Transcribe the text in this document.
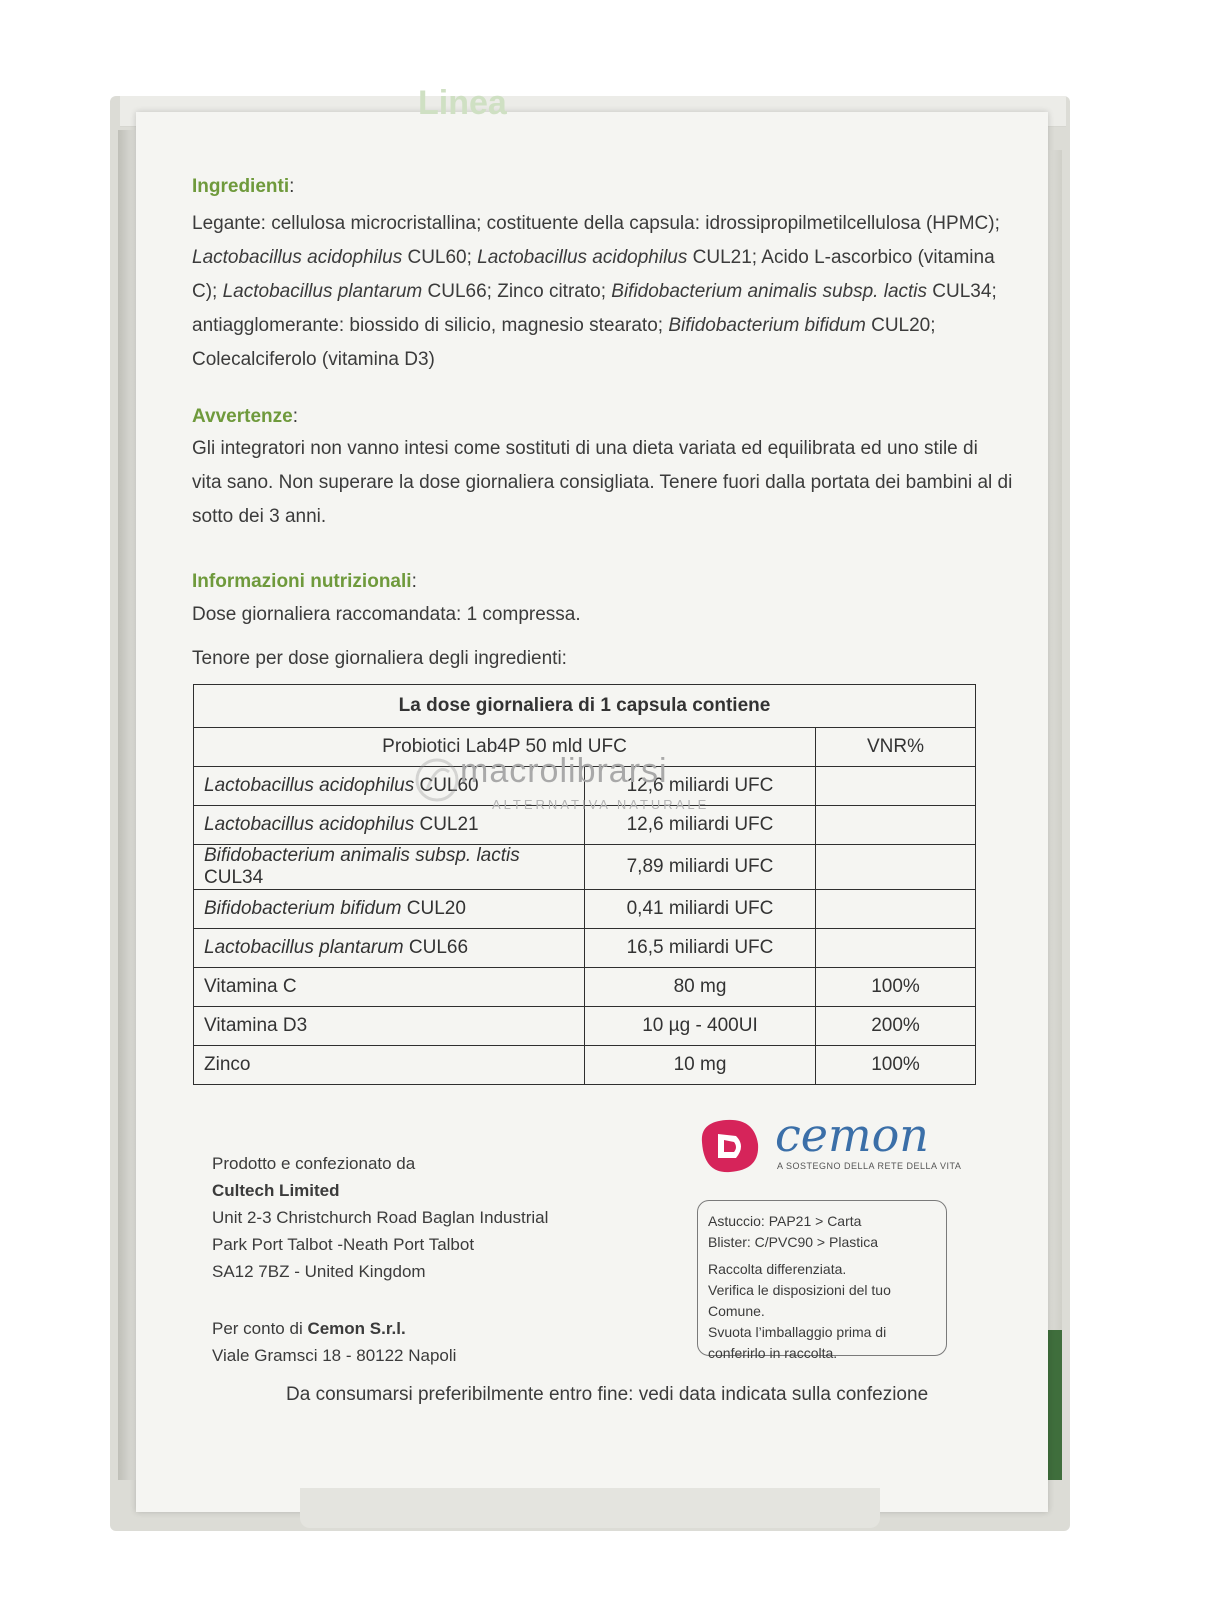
Linea
Ingredienti:
Legante: cellulosa microcristallina; costituente della capsula: idrossipropilmetilcellulosa (HPMC);
Lactobacillus acidophilus CUL60; Lactobacillus acidophilus CUL21; Acido L-ascorbico (vitamina
C); Lactobacillus plantarum CUL66; Zinco citrato; Bifidobacterium animalis subsp. lactis CUL34;
antiagglomerante: biossido di silicio, magnesio stearato; Bifidobacterium bifidum CUL20;
Colecalciferolo (vitamina D3)
Avvertenze:
Gli integratori non vanno intesi come sostituti di una dieta variata ed equilibrata ed uno stile di
vita sano. Non superare la dose giornaliera consigliata. Tenere fuori dalla portata dei bambini al di
sotto dei 3 anni.
Informazioni nutrizionali:
Dose giornaliera raccomandata: 1 compressa.
Tenore per dose giornaliera degli ingredienti:
La dose giornaliera di 1 capsula contiene		
Probiotici Lab4P 50 mld UFC		VNR%
Lactobacillus acidophilus CUL60	12,6 miliardi UFC	
Lactobacillus acidophilus CUL21	12,6 miliardi UFC	
Bifidobacterium animalis subsp. lactis CUL34	7,89 miliardi UFC	
Bifidobacterium bifidum CUL20	0,41 miliardi UFC	
Lactobacillus plantarum CUL66	16,5 miliardi UFC	
Vitamina C	80 mg	100%
Vitamina D3	10 µg - 400UI	200%
Zinco	10 mg	100%
macrolibrarsi
ALTERNATIVA NATURALE
cemon
A SOSTEGNO DELLA RETE DELLA VITA
Prodotto e confezionato da
Cultech Limited
Unit 2-3 Christchurch Road Baglan Industrial
Park Port Talbot -Neath Port Talbot
SA12 7BZ - United Kingdom
Per conto di Cemon S.r.l.
Viale Gramsci 18 - 80122 Napoli
Astuccio: PAP21 > Carta
Blister: C/PVC90 > Plastica
Raccolta differenziata.
Verifica le disposizioni del tuo Comune.
Svuota l’imballaggio prima di
conferirlo in raccolta.
Da consumarsi preferibilmente entro fine: vedi data indicata sulla confezione
